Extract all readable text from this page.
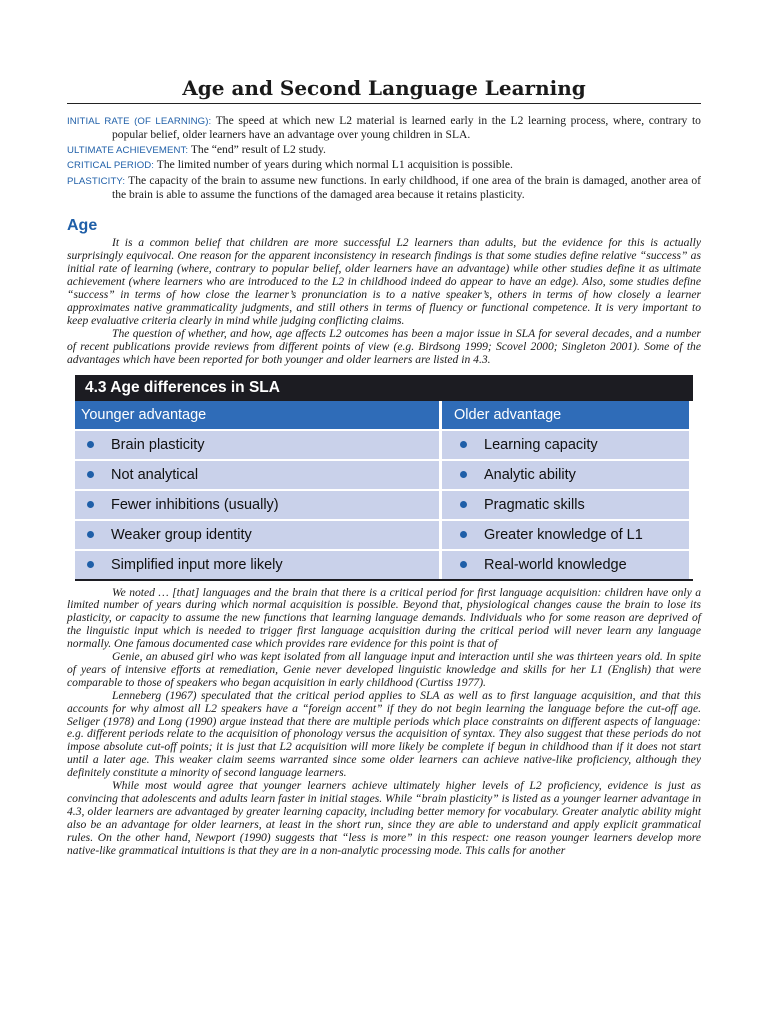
Age and Second Language Learning

INITIAL RATE (OF LEARNING): The speed at which new L2 material is learned early in the L2 learning process, where, contrary to popular belief, older learners have an advantage over young children in SLA.

ULTIMATE ACHIEVEMENT: The “end” result of L2 study.

CRITICAL PERIOD: The limited number of years during which normal L1 acquisition is possible.

PLASTICITY: The capacity of the brain to assume new functions. In early childhood, if one area of the brain is damaged, another area of the brain is able to assume the functions of the damaged area because it retains plasticity.

Age

It is a common belief that children are more successful L2 learners than adults, but the evidence for this is actually surprisingly equivocal. One reason for the apparent inconsistency in research findings is that some studies define relative “success” as initial rate of learning (where, contrary to popular belief, older learners have an advantage) while other studies define it as ultimate achievement (where learners who are introduced to the L2 in childhood indeed do appear to have an edge). Also, some studies define “success” in terms of how close the learner’s pronunciation is to a native speaker’s, others in terms of how closely a learner approximates native grammaticality judgments, and still others in terms of fluency or functional competence. It is very important to keep evaluative criteria clearly in mind while judging conflicting claims.

The question of whether, and how, age affects L2 outcomes has been a major issue in SLA for several decades, and a number of recent publications provide reviews from different points of view (e.g. Birdsong 1999; Scovel 2000; Singleton 2001). Some of the advantages which have been reported for both younger and older learners are listed in 4.3.

4.3 Age differences in SLA
Younger advantage	Older advantage
Brain plasticity	Learning capacity
Not analytical	Analytic ability
Fewer inhibitions (usually)	Pragmatic skills
Weaker group identity	Greater knowledge of L1
Simplified input more likely	Real-world knowledge

We noted … [that] languages and the brain that there is a critical period for first language acquisition: children have only a limited number of years during which normal acquisition is possible. Beyond that, physiological changes cause the brain to lose its plasticity, or capacity to assume the new functions that learning language demands. Individuals who for some reason are deprived of the linguistic input which is needed to trigger first language acquisition during the critical period will never learn any language normally. One famous documented case which provides rare evidence for this point is that of

Genie, an abused girl who was kept isolated from all language input and interaction until she was thirteen years old. In spite of years of intensive efforts at remediation, Genie never developed linguistic knowledge and skills for her L1 (English) that were comparable to those of speakers who began acquisition in early childhood (Curtiss 1977).

Lenneberg (1967) speculated that the critical period applies to SLA as well as to first language acquisition, and that this accounts for why almost all L2 speakers have a “foreign accent” if they do not begin learning the language before the cut-off age. Seliger (1978) and Long (1990) argue instead that there are multiple periods which place constraints on different aspects of language: e.g. different periods relate to the acquisition of phonology versus the acquisition of syntax. They also suggest that these periods do not impose absolute cut-off points; it is just that L2 acquisition will more likely be complete if begun in childhood than if it does not start until a later age. This weaker claim seems warranted since some older learners can achieve native-like proficiency, although they definitely constitute a minority of second language learners.

While most would agree that younger learners achieve ultimately higher levels of L2 proficiency, evidence is just as convincing that adolescents and adults learn faster in initial stages. While “brain plasticity” is listed as a younger learner advantage in 4.3, older learners are advantaged by greater learning capacity, including better memory for vocabulary. Greater analytic ability might also be an advantage for older learners, at least in the short run, since they are able to understand and apply explicit grammatical rules. On the other hand, Newport (1990) suggests that “less is more” in this respect: one reason younger learners develop more native-like grammatical intuitions is that they are in a non-analytic processing mode. This calls for another
